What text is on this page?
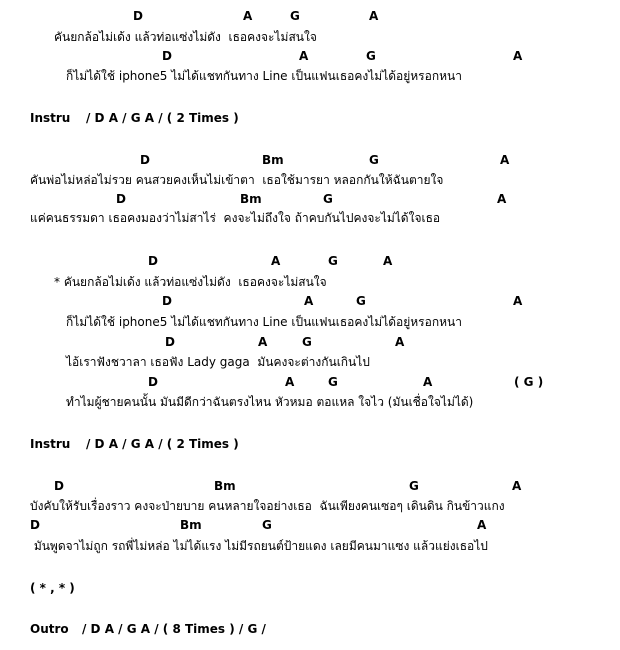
D	A	G	A
คันยกล้อไม่เด้ง แล้วท่อแซ่งไม่ดัง  เธอคงจะไม่สนใจ
D	A	G	A
ก็ไม่ได้ใช้ iphone5 ไม่ได้แชทกันทาง Line เป็นแฟนเธอคงไม่ได้อยู่หรอกหนา
Instru / D A / G A / ( 2 Times )
D	Bm	G	A
คันพ่อไม่หล่อไม่รวย คนสวยคงเห็นไม่เข้าตา  เธอใช้มารยา หลอกกันให้ฉันตายใจ
D	Bm	G	A
แค่คนธรรมดา เธอคงมองว่าไม่สาไร่  คงจะไม่ถึงใจ ถ้าคบกันไปคงจะไม่ได้ใจเธอ
D	A	G	A
* คันยกล้อไม่เด้ง แล้วท่อแซ่งไม่ดัง  เธอคงจะไม่สนใจ
D	A	G	A
ก็ไม่ได้ใช้ iphone5 ไม่ได้แชทกันทาง Line เป็นแฟนเธอคงไม่ได้อยู่หรอกหนา
D	A	G	A
ไอ้เราฟังชวาลา เธอฟัง Lady gaga  มันคงจะต่างกันเกินไป
D	A	G	A	( G )
ทำไมผู้ชายคนนั้น มันมีดีกว่าฉันตรงไหน หัวหมอ ตอแหล ใจไว (มันเชื่อใจไม่ได้)
Instru / D A / G A / ( 2 Times )
D	Bm	G	A
บังคับให้รับเรื่องราว คงจะป่ายบาย คนหลายใจอย่างเธอ  ฉันเพียงคนเซอๆ เดินดิน กินข้าวแกง
D	Bm	G	A
มันพูดจาไม่ถูก รถพี่ไม่หล่อ ไม่ได้แรง ไม่มีรถยนต์ป้ายแดง เลยมีคนมาแซง แล้วแย่งเธอไป
( * , * )
Outro / D A / G A / ( 8 Times ) / G /
